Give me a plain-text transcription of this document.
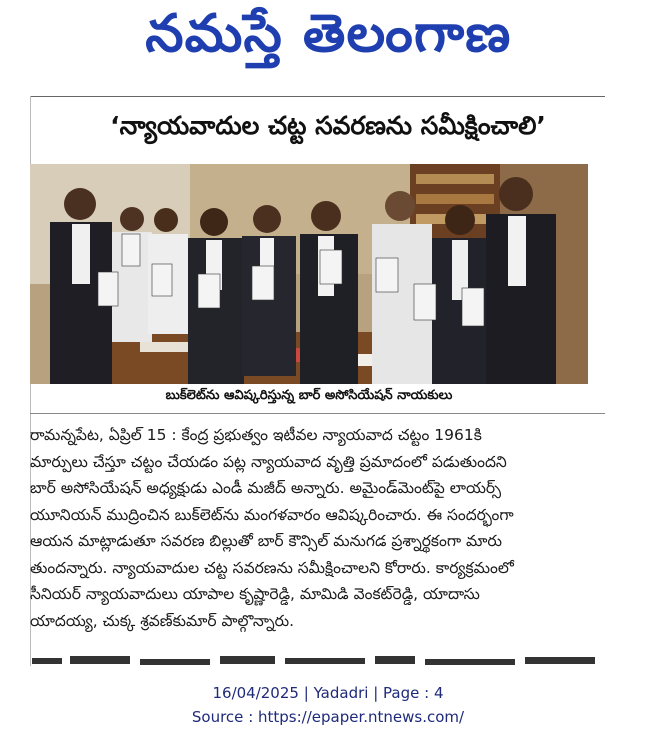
నమస్తే తెలంగాణ
‘న్యాయవాదుల చట్ట సవరణను సమీక్షించాలి’
బుక్‌లెట్‌ను ఆవిష్కరిస్తున్న బార్ అసోసియేషన్ నాయకులు
రామన్నపేట, ఏప్రిల్ 15 : కేంద్ర ప్రభుత్వం ఇటీవల న్యాయవాద చట్టం 1961కి
మార్పులు చేస్తూ చట్టం చేయడం పట్ల న్యాయవాద వృత్తి ప్రమాదంలో పడుతుందని
బార్ అసోసియేషన్ అధ్యక్షుడు ఎండీ మజీద్ అన్నారు. అమైండ్‌మెంట్‌పై లాయర్స్
యూనియన్ ముద్రించిన బుక్‌లెట్‌ను మంగళవారం ఆవిష్కరించారు. ఈ సందర్భంగా
ఆయన మాట్లాడుతూ సవరణ బిల్లుతో బార్ కౌన్సిల్ మనుగడ ప్రశ్నార్థకంగా మారు
తుందన్నారు. న్యాయవాదుల చట్ట సవరణను సమీక్షించాలని కోరారు. కార్యక్రమంలో
సీనియర్ న్యాయవాదులు యాపాల కృష్ణారెడ్డి, మామిడి వెంకట్‌రెడ్డి, యాదాసు
యాదయ్య, చుక్క శ్రవణ్‌కుమార్ పాల్గొన్నారు.
16/04/2025 | Yadadri | Page : 4
Source : https://epaper.ntnews.com/
